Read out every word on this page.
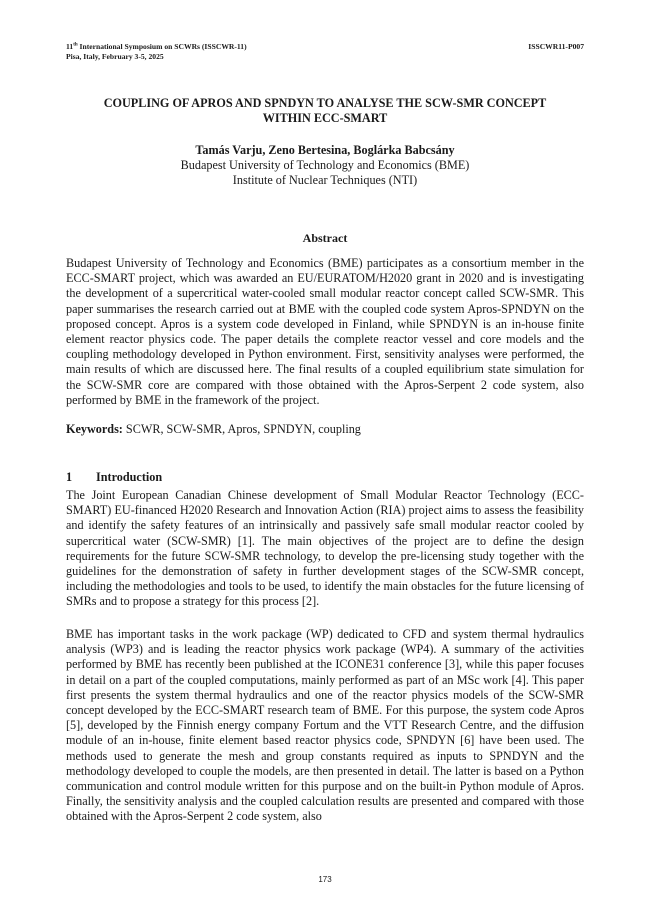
11th International Symposium on SCWRs (ISSCWR-11)
Pisa, Italy, February 3-5, 2025
ISSCWR11-P007
COUPLING OF APROS AND SPNDYN TO ANALYSE THE SCW-SMR CONCEPT
WITHIN ECC-SMART
Tamás Varju, Zeno Bertesina, Boglárka Babcsány
Budapest University of Technology and Economics (BME)
Institute of Nuclear Techniques (NTI)
Abstract
Budapest University of Technology and Economics (BME) participates as a consortium member in the ECC-SMART project, which was awarded an EU/EURATOM/H2020 grant in 2020 and is investigating the development of a supercritical water-cooled small modular reactor concept called SCW-SMR. This paper summarises the research carried out at BME with the coupled code system Apros-SPNDYN on the proposed concept. Apros is a system code developed in Finland, while SPNDYN is an in-house finite element reactor physics code. The paper details the complete reactor vessel and core models and the coupling methodology developed in Python environment. First, sensitivity analyses were performed, the main results of which are discussed here. The final results of a coupled equilibrium state simulation for the SCW-SMR core are compared with those obtained with the Apros-Serpent 2 code system, also performed by BME in the framework of the project.
Keywords: SCWR, SCW-SMR, Apros, SPNDYN, coupling
1 Introduction
The Joint European Canadian Chinese development of Small Modular Reactor Technology (ECC-SMART) EU-financed H2020 Research and Innovation Action (RIA) project aims to assess the feasibility and identify the safety features of an intrinsically and passively safe small modular reactor cooled by supercritical water (SCW-SMR) [1]. The main objectives of the project are to define the design requirements for the future SCW-SMR technology, to develop the pre-licensing study together with the guidelines for the demonstration of safety in further development stages of the SCW-SMR concept, including the methodologies and tools to be used, to identify the main obstacles for the future licensing of SMRs and to propose a strategy for this process [2].
BME has important tasks in the work package (WP) dedicated to CFD and system thermal hydraulics analysis (WP3) and is leading the reactor physics work package (WP4). A summary of the activities performed by BME has recently been published at the ICONE31 conference [3], while this paper focuses in detail on a part of the coupled computations, mainly performed as part of an MSc work [4]. This paper first presents the system thermal hydraulics and one of the reactor physics models of the SCW-SMR concept developed by the ECC-SMART research team of BME. For this purpose, the system code Apros [5], developed by the Finnish energy company Fortum and the VTT Research Centre, and the diffusion module of an in-house, finite element based reactor physics code, SPNDYN [6] have been used. The methods used to generate the mesh and group constants required as inputs to SPNDYN and the methodology developed to couple the models, are then presented in detail. The latter is based on a Python communication and control module written for this purpose and on the built-in Python module of Apros. Finally, the sensitivity analysis and the coupled calculation results are presented and compared with those obtained with the Apros-Serpent 2 code system, also
173
